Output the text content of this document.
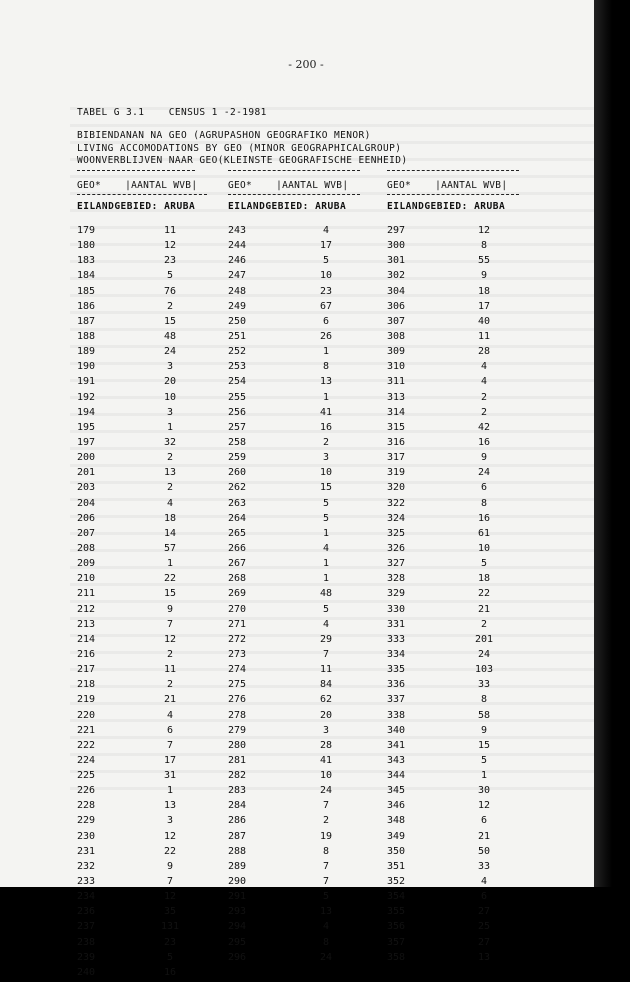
- 200 -
TABEL G 3.1    CENSUS 1 -2-1981
BIBIENDANAN NA GEO (AGRUPASHON GEOGRAFIKO MENOR)
LIVING ACCOMODATIONS BY GEO (MINOR GEOGRAPHICALGROUP)
WOONVERBLIJVEN NAAR GEO(KLEINSTE GEOGRAFISCHE EENHEID)
GEO*	|AANTAL WVB|	GEO*	|AANTAL WVB|	GEO*	|AANTAL WVB|
EILANDGEBIED: ARUBA	EILANDGEBIED: ARUBA	EILANDGEBIED: ARUBA
179	11	243	4	297	12
180	12	244	17	300	8
183	23	246	5	301	55
184	5	247	10	302	9
185	76	248	23	304	18
186	2	249	67	306	17
187	15	250	6	307	40
188	48	251	26	308	11
189	24	252	1	309	28
190	3	253	8	310	4
191	20	254	13	311	4
192	10	255	1	313	2
194	3	256	41	314	2
195	1	257	16	315	42
197	32	258	2	316	16
200	2	259	3	317	9
201	13	260	10	319	24
203	2	262	15	320	6
204	4	263	5	322	8
206	18	264	5	324	16
207	14	265	1	325	61
208	57	266	4	326	10
209	1	267	1	327	5
210	22	268	1	328	18
211	15	269	48	329	22
212	9	270	5	330	21
213	7	271	4	331	2
214	12	272	29	333	201
216	2	273	7	334	24
217	11	274	11	335	103
218	2	275	84	336	33
219	21	276	62	337	8
220	4	278	20	338	58
221	6	279	3	340	9
222	7	280	28	341	15
224	17	281	41	343	5
225	31	282	10	344	1
226	1	283	24	345	30
228	13	284	7	346	12
229	3	286	2	348	6
230	12	287	19	349	21
231	22	288	8	350	50
232	9	289	7	351	33
233	7	290	7	352	4
234	12	291	5	354	6
236	35	293	13	355	27
237	131	294	4	356	25
238	23	295	8	357	27
239	5	296	24	358	13
240	16
